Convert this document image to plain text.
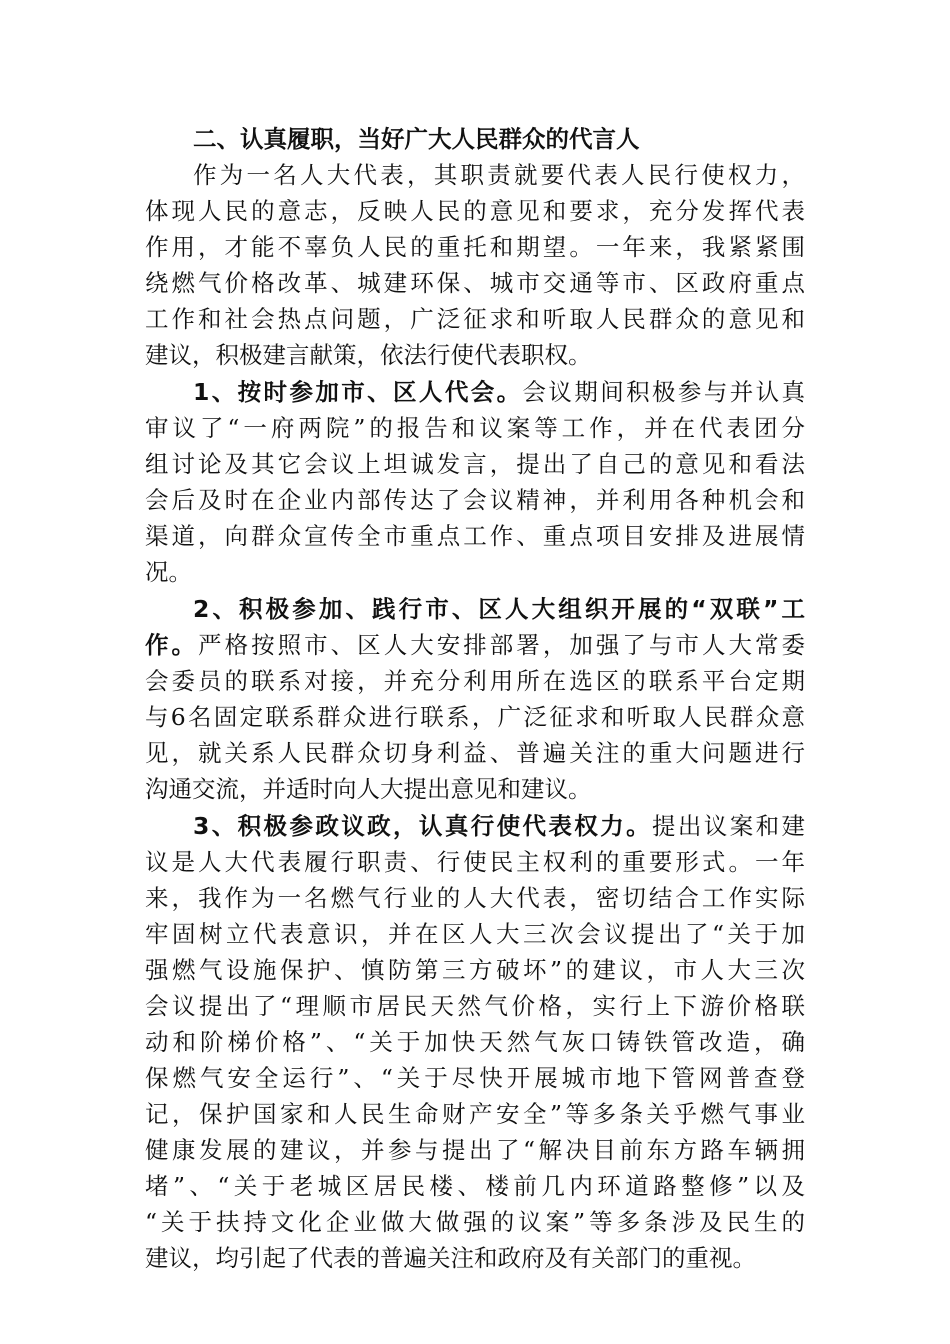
二、认真履职，当好广大人民群众的代言人
作为一名人大代表，其职责就要代表人民行使权力，
体现人民的意志，反映人民的意见和要求，充分发挥代表
作用，才能不辜负人民的重托和期望。一年来，我紧紧围
绕燃气价格改革、城建环保、城市交通等市、区政府重点
工作和社会热点问题，广泛征求和听取人民群众的意见和
建议，积极建言献策，依法行使代表职权。
1、按时参加市、区人代会。会议期间积极参与并认真
审议了“一府两院”的报告和议案等工作，并在代表团分
组讨论及其它会议上坦诚发言，提出了自己的意见和看法
会后及时在企业内部传达了会议精神，并利用各种机会和
渠道，向群众宣传全市重点工作、重点项目安排及进展情
况。
2、积极参加、践行市、区人大组织开展的“双联”工
作。严格按照市、区人大安排部署，加强了与市人大常委
会委员的联系对接，并充分利用所在选区的联系平台定期
与6名固定联系群众进行联系，广泛征求和听取人民群众意
见，就关系人民群众切身利益、普遍关注的重大问题进行
沟通交流，并适时向人大提出意见和建议。
3、积极参政议政，认真行使代表权力。提出议案和建
议是人大代表履行职责、行使民主权利的重要形式。一年
来，我作为一名燃气行业的人大代表，密切结合工作实际
牢固树立代表意识，并在区人大三次会议提出了“关于加
强燃气设施保护、慎防第三方破坏”的建议，市人大三次
会议提出了“理顺市居民天然气价格，实行上下游价格联
动和阶梯价格”、“关于加快天然气灰口铸铁管改造，确
保燃气安全运行”、“关于尽快开展城市地下管网普查登
记，保护国家和人民生命财产安全”等多条关乎燃气事业
健康发展的建议，并参与提出了“解决目前东方路车辆拥
堵”、“关于老城区居民楼、楼前几内环道路整修”以及
“关于扶持文化企业做大做强的议案”等多条涉及民生的
建议，均引起了代表的普遍关注和政府及有关部门的重视。
